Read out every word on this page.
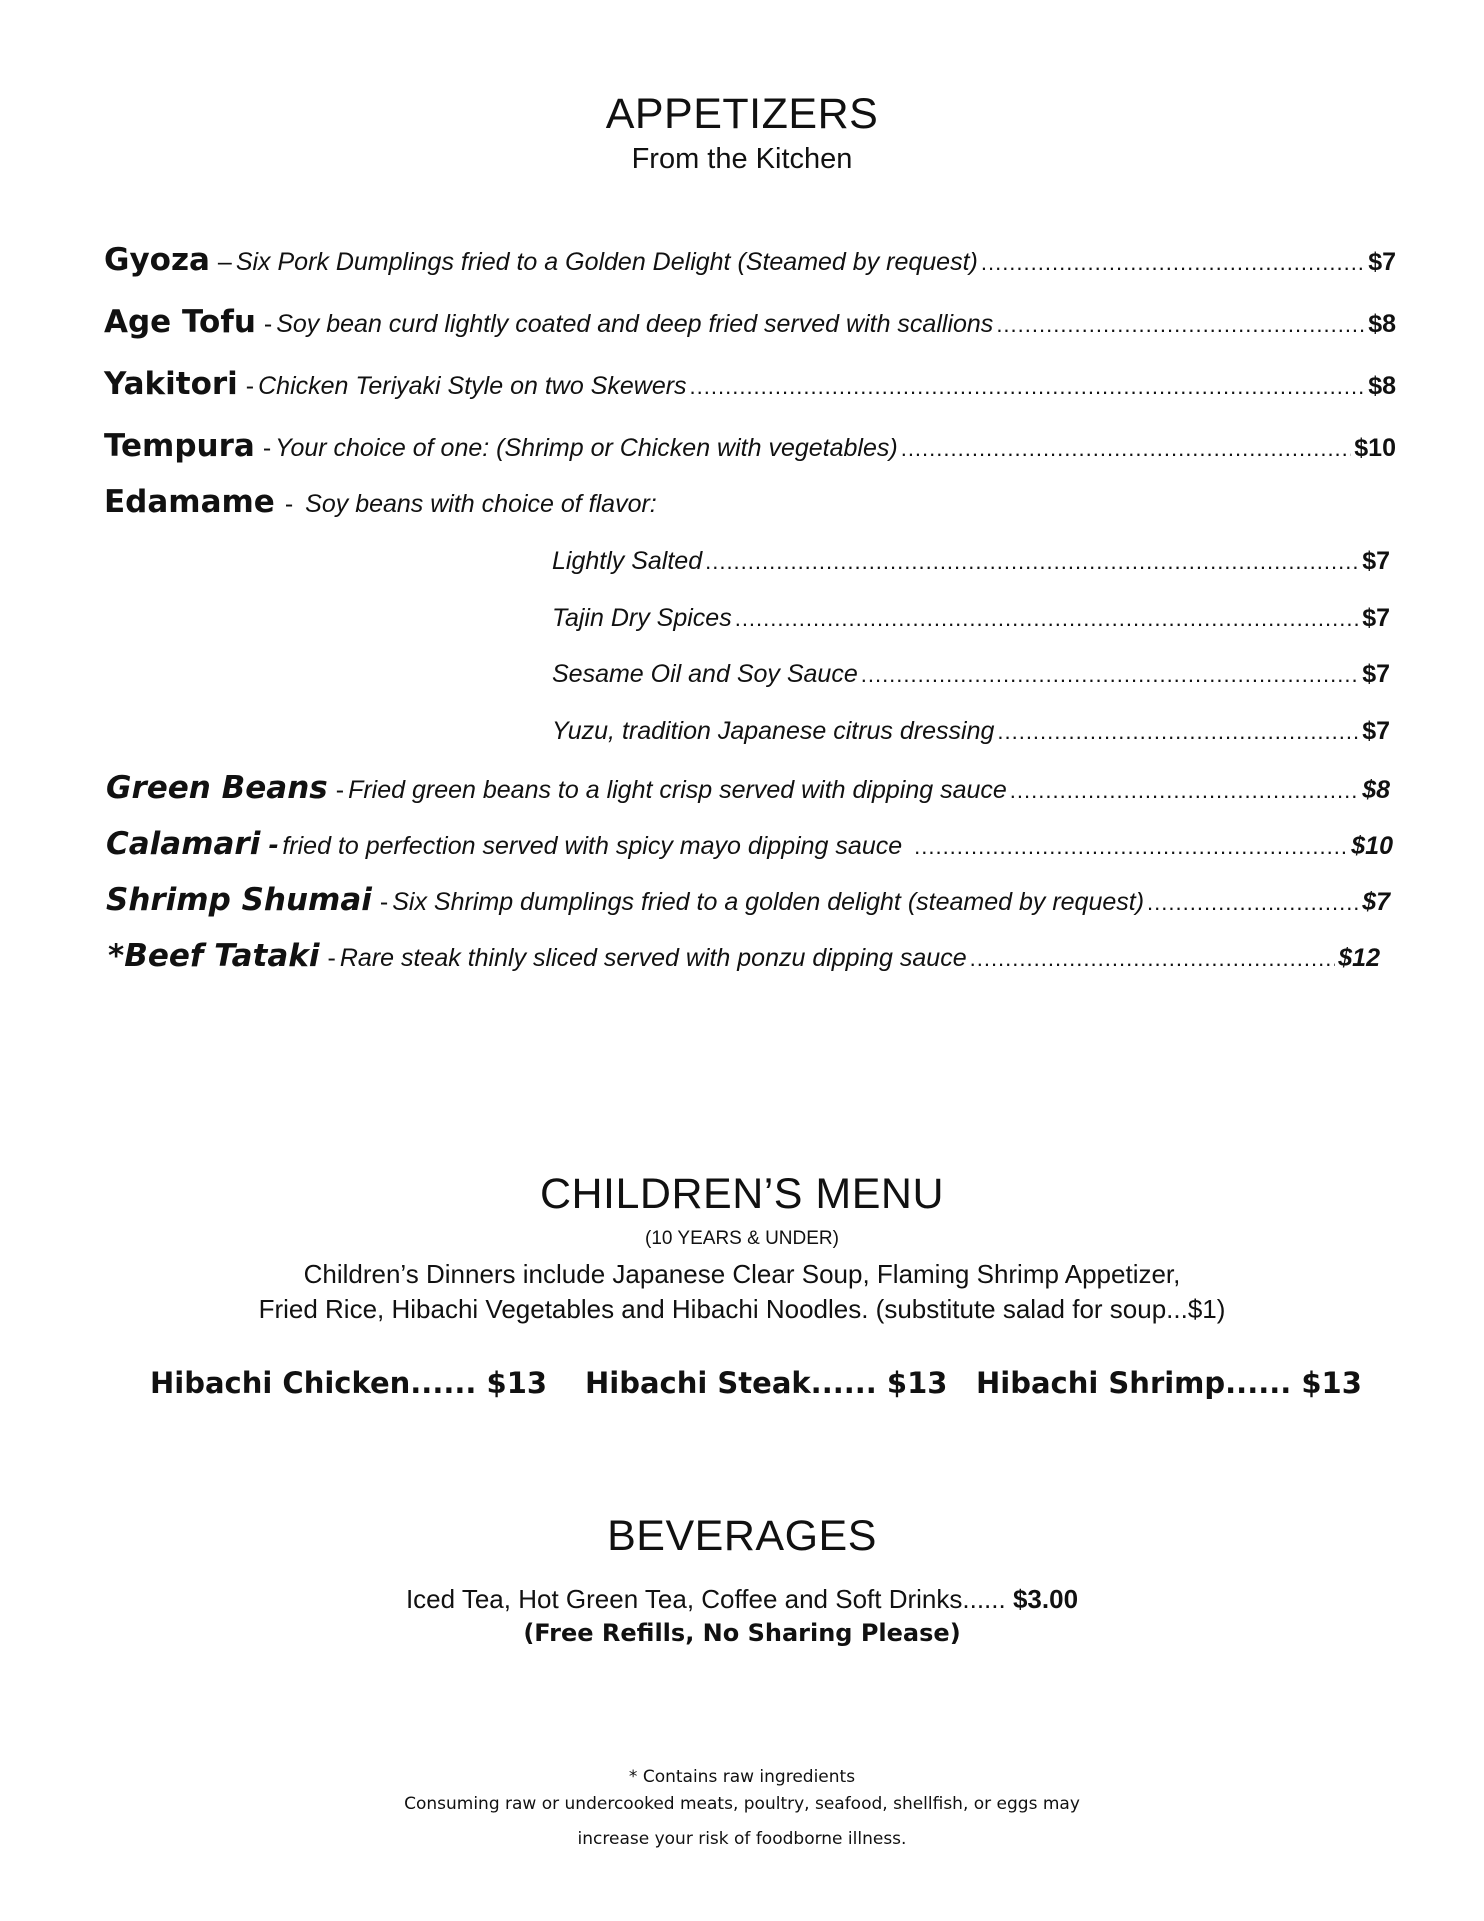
APPETIZERS

From the Kitchen

Gyoza – Six Pork Dumplings fried to a Golden Delight (Steamed by request) .....	$7
Age Tofu - Soy bean curd lightly coated and deep fried served with scallions .....	$8
Yakitori - Chicken Teriyaki Style on two Skewers .....	$8
Tempura - Your choice of one: (Shrimp or Chicken with vegetables) .....	$10
Edamame - Soy beans with choice of flavor:
Lightly Salted .....	$7
Tajin Dry Spices .....	$7
Sesame Oil and Soy Sauce .....	$7
Yuzu, tradition Japanese citrus dressing .....	$7
Green Beans - Fried green beans to a light crisp served with dipping sauce .....	$8
Calamari - fried to perfection served with spicy mayo dipping sauce .....	$10
Shrimp Shumai - Six Shrimp dumplings fried to a golden delight (steamed by request) .....	$7
*Beef Tataki - Rare steak thinly sliced served with ponzu dipping sauce .....	$12
CHILDREN’S MENU

(10 YEARS & UNDER)

Children’s Dinners include Japanese Clear Soup, Flaming Shrimp Appetizer,

Fried Rice, Hibachi Vegetables and Hibachi Noodles. (substitute salad for soup...$1)

Hibachi Chicken...... $13 Hibachi Steak...... $13 Hibachi Shrimp...... $13
BEVERAGES

Iced Tea, Hot Green Tea, Coffee and Soft Drinks...... $3.00

(Free Refills, No Sharing Please)

* Contains raw ingredients

Consuming raw or undercooked meats, poultry, seafood, shellfish, or eggs may

increase your risk of foodborne illness.
